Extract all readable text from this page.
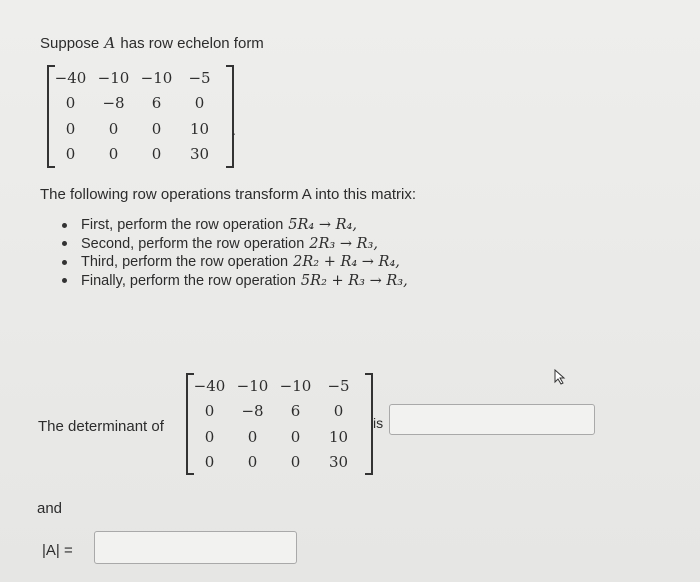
Suppose A has row echelon form
−40 −10 −10	−5
0	−8	6	0
0	0	0	10
0	0	0	30
.
The following row operations transform A into this matrix:
First, perform the row operation 5R₄ → R₄,
Second, perform the row operation 2R₃ → R₃,
Third, perform the row operation 2R₂ + R₄ → R₄,
Finally, perform the row operation 5R₂ + R₃ → R₃,
The determinant of
−40 −10 −10	−5
0	−8	6	0
0	0	0	10
0	0	0	30
is
and
|A| =
